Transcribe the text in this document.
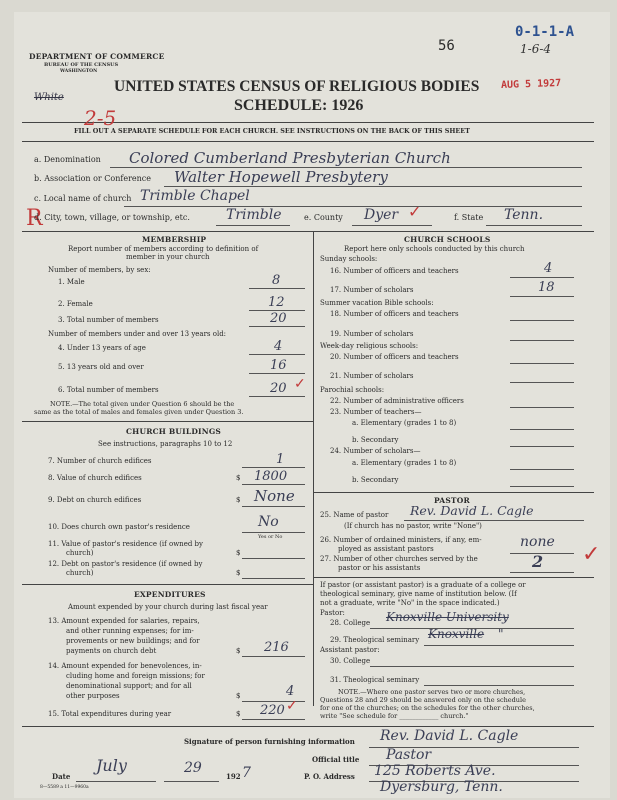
DEPARTMENT OF COMMERCE
BUREAU OF THE CENSUS
WASHINGTON
56
UNITED STATES CENSUS OF RELIGIOUS BODIES
SCHEDULE: 1926
FILL OUT A SEPARATE SCHEDULE FOR EACH CHURCH. SEE INSTRUCTIONS ON THE BACK OF THIS SHEET
0-1-1-A
1-6-4
White
2-5
AUG 5 1927
R
a. Denomination Colored Cumberland Presbyterian Church
b. Association or Conference Walter Hopewell Presbytery
c. Local name of church Trimble Chapel
d. City, town, village, or township, etc.	Trimble	e. County Dyer ✓	f. State Tenn.
MEMBERSHIP
Report number of members according to definition of
member in your church
Number of members, by sex:
1. Male	8
2. Female	12
3. Total number of members	20
Number of members under and over 13 years old:
4. Under 13 years of age	4
5. 13 years old and over	16
6. Total number of members	20 ✓
NOTE.—The total given under Question 6 should be the
same as the total of males and females given under Question 3.
CHURCH BUILDINGS
See instructions, paragraphs 10 to 12
7. Number of church edifices	1
8. Value of church edifices	$ 1800
9. Debt on church edifices	$ None
10. Does church own pastor's residence	No
Yes or No
11. Value of pastor's residence (if owned by
church)	$
12. Debt on pastor's residence (if owned by
church)	$
EXPENDITURES
Amount expended by your church during last fiscal year
13. Amount expended for salaries, repairs,
and other running expenses; for im-
provements or new buildings; and for
payments on church debt	$ 216
14. Amount expended for benevolences, in-
cluding home and foreign missions; for
denominational support; and for all
other purposes	$	4
15. Total expenditures during year	$ 220 ✓
CHURCH SCHOOLS
Report here only schools conducted by this church
Sunday schools:
16. Number of officers and teachers	4
17. Number of scholars	18
Summer vacation Bible schools:
18. Number of officers and teachers
19. Number of scholars
Week-day religious schools:
20. Number of officers and teachers
21. Number of scholars
Parochial schools:
22. Number of administrative officers
23. Number of teachers—
a. Elementary (grades 1 to 8)
b. Secondary
24. Number of scholars—
a. Elementary (grades 1 to 8)
b. Secondary
PASTOR
25. Name of pastor Rev. David L. Cagle
(If church has no pastor, write "None")
26. Number of ordained ministers, if any, em-
ployed as assistant pastors	none
27. Number of other churches served by the
pastor or his assistants	2 ✓
If pastor (or assistant pastor) is a graduate of a college or
theological seminary, give name of institution below. (If
not a graduate, write "No" in the space indicated.)
Pastor:
28. College Knoxville University
29. Theological seminary Knoxville "
Assistant pastor:
30. College
31. Theological seminary
NOTE.—Where one pastor serves two or more churches,
Questions 28 and 29 should be answered only on the schedule
for one of the churches; on the schedules for the other churches,
write "See schedule for ____________ church."
Signature of person furnishing information Rev. David L. Cagle
Official title Pastor
Date
July	29
192 7	P. O. Address 125 Roberts Ave.
Dyersburg, Tenn.
8—5589 a 11—9960a
